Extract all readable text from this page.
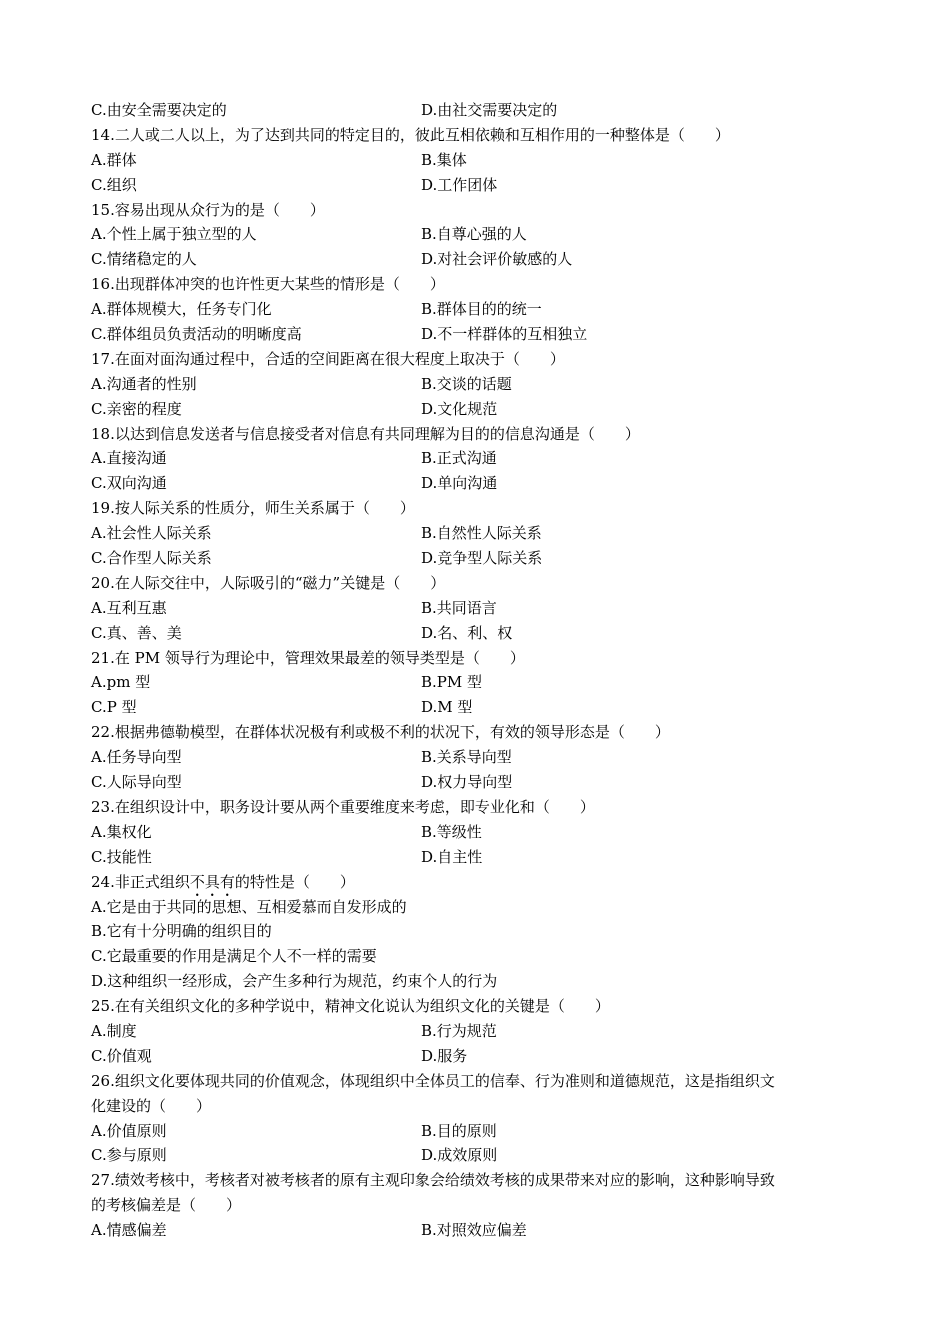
C.由安全需要决定的	D.由社交需要决定的
14.二人或二人以上，为了达到共同的特定目的，彼此互相依赖和互相作用的一种整体是（　　）
A.群体	B.集体
C.组织	D.工作团体
15.容易出现从众行为的是（　　）
A.个性上属于独立型的人	B.自尊心强的人
C.情绪稳定的人	D.对社会评价敏感的人
16.出现群体冲突的也许性更大某些的情形是（　　）
A.群体规模大，任务专门化	B.群体目的的统一
C.群体组员负责活动的明晰度高	D.不一样群体的互相独立
17.在面对面沟通过程中，合适的空间距离在很大程度上取决于（　　）
A.沟通者的性别	B.交谈的话题
C.亲密的程度	D.文化规范
18.以达到信息发送者与信息接受者对信息有共同理解为目的的信息沟通是（　　）
A.直接沟通	B.正式沟通
C.双向沟通	D.单向沟通
19.按人际关系的性质分，师生关系属于（　　）
A.社会性人际关系	B.自然性人际关系
C.合作型人际关系	D.竞争型人际关系
20.在人际交往中，人际吸引的“磁力”关键是（　　）
A.互利互惠	B.共同语言
C.真、善、美	D.名、利、权
21.在 PM 领导行为理论中，管理效果最差的领导类型是（　　）
A.pm 型	B.PM 型
C.P 型	D.M 型
22.根据弗德勒模型，在群体状况极有利或极不利的状况下，有效的领导形态是（　　）
A.任务导向型	B.关系导向型
C.人际导向型	D.权力导向型
23.在组织设计中，职务设计要从两个重要维度来考虑，即专业化和（　　）
A.集权化	B.等级性
C.技能性	D.自主性
24.非正式组织不具有的特性是（　　）
A.它是由于共同的思想、互相爱慕而自发形成的
B.它有十分明确的组织目的
C.它最重要的作用是满足个人不一样的需要
D.这种组织一经形成，会产生多种行为规范，约束个人的行为
25.在有关组织文化的多种学说中，精神文化说认为组织文化的关键是（　　）
A.制度	B.行为规范
C.价值观	D.服务
26.组织文化要体现共同的价值观念，体现组织中全体员工的信奉、行为准则和道德规范，这是指组织文
化建设的（　　）
A.价值原则	B.目的原则
C.参与原则	D.成效原则
27.绩效考核中，考核者对被考核者的原有主观印象会给绩效考核的成果带来对应的影响，这种影响导致
的考核偏差是（　　）
A.情感偏差	B.对照效应偏差
